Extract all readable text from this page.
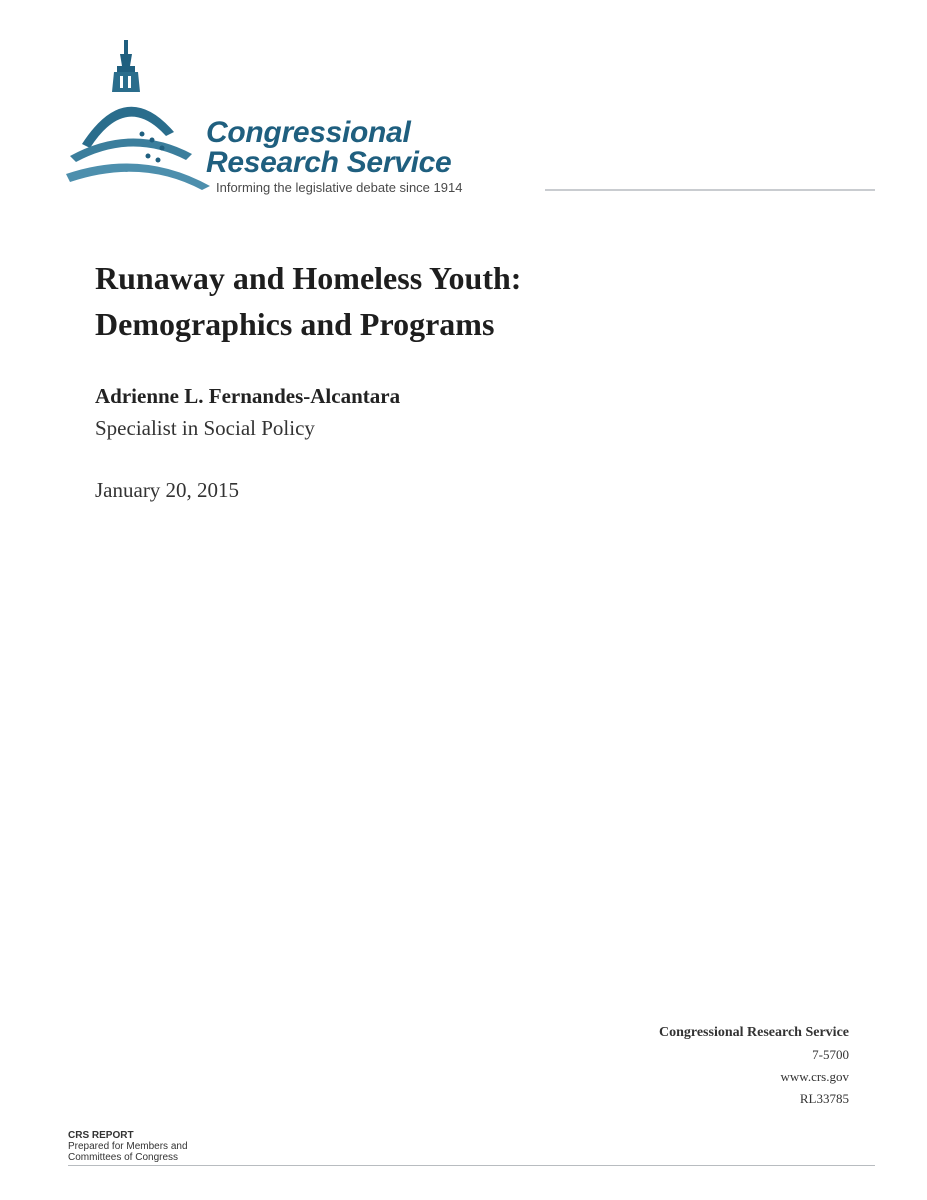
Congressional
Research Service
Informing the legislative debate since 1914
Runaway and Homeless Youth:
Demographics and Programs
Adrienne L. Fernandes-Alcantara
Specialist in Social Policy
January 20, 2015
Congressional Research Service
7-5700
www.crs.gov
RL33785
CRS REPORT
Prepared for Members and
Committees of Congress
